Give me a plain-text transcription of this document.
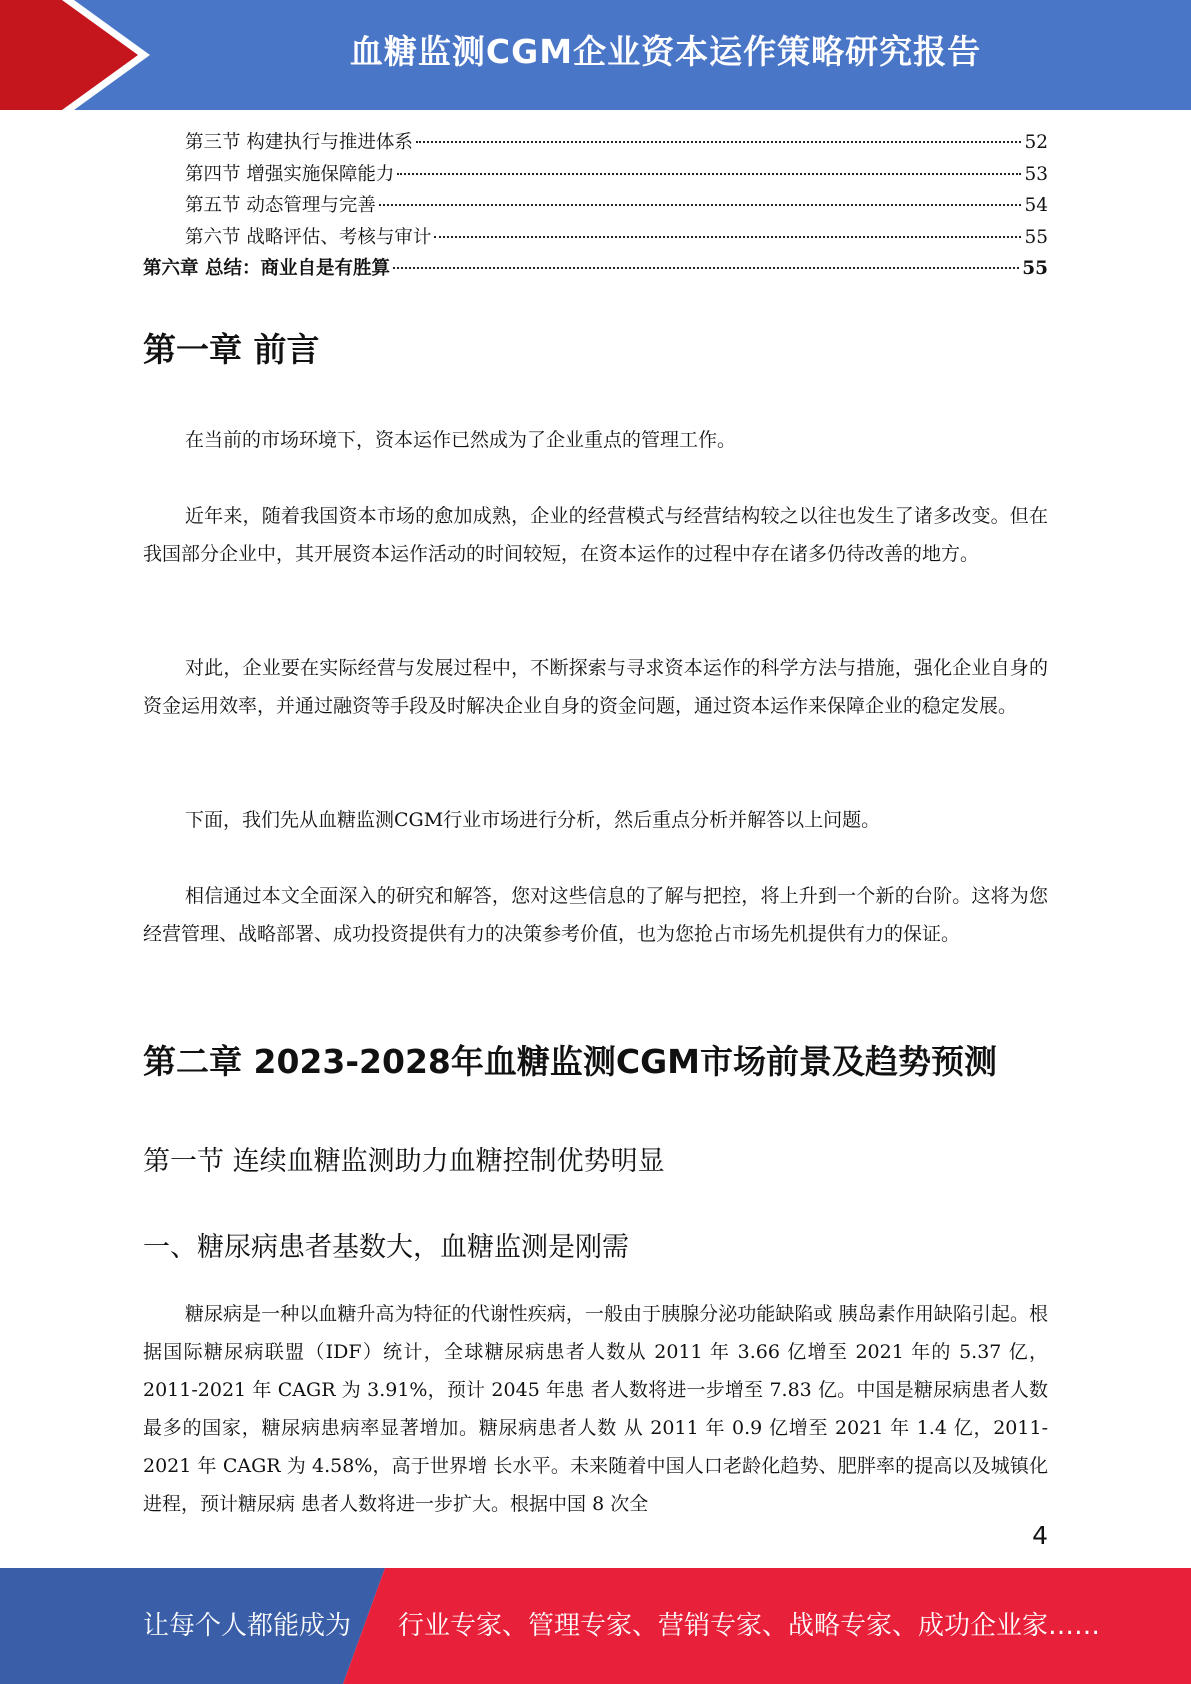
血糖监测CGM企业资本运作策略研究报告
第三节 构建执行与推进体系	52
第四节 增强实施保障能力	53
第五节 动态管理与完善	54
第六节 战略评估、考核与审计	55
第六章 总结：商业自是有胜算	55
第一章 前言

在当前的市场环境下，资本运作已然成为了企业重点的管理工作。

近年来，随着我国资本市场的愈加成熟，企业的经营模式与经营结构较之以往也发生了诸多改变。但在我国部分企业中，其开展资本运作活动的时间较短，在资本运作的过程中存在诸多仍待改善的地方。

对此，企业要在实际经营与发展过程中，不断探索与寻求资本运作的科学方法与措施，强化企业自身的资金运用效率，并通过融资等手段及时解决企业自身的资金问题，通过资本运作来保障企业的稳定发展。

下面，我们先从血糖监测CGM行业市场进行分析，然后重点分析并解答以上问题。

相信通过本文全面深入的研究和解答，您对这些信息的了解与把控，将上升到一个新的台阶。这将为您经营管理、战略部署、成功投资提供有力的决策参考价值，也为您抢占市场先机提供有力的保证。

第二章 2023-2028年血糖监测CGM市场前景及趋势预测
第一节 连续血糖监测助力血糖控制优势明显
一、糖尿病患者基数大，血糖监测是刚需

糖尿病是一种以血糖升高为特征的代谢性疾病，一般由于胰腺分泌功能缺陷或 胰岛素作用缺陷引起。根据国际糖尿病联盟（IDF）统计，全球糖尿病患者人数从 2011 年 3.66 亿增至 2021 年的 5.37 亿，2011-2021 年 CAGR 为 3.91%，预计 2045 年患 者人数将进一步增至 7.83 亿。中国是糖尿病患者人数最多的国家，糖尿病患病率显著增加。糖尿病患者人数 从 2011 年 0.9 亿增至 2021 年 1.4 亿，2011-2021 年 CAGR 为 4.58%，高于世界增 长水平。未来随着中国人口老龄化趋势、肥胖率的提高以及城镇化进程，预计糖尿病 患者人数将进一步扩大。根据中国 8 次全

4
让每个人都能成为 行业专家、管理专家、营销专家、战略专家、成功企业家……
